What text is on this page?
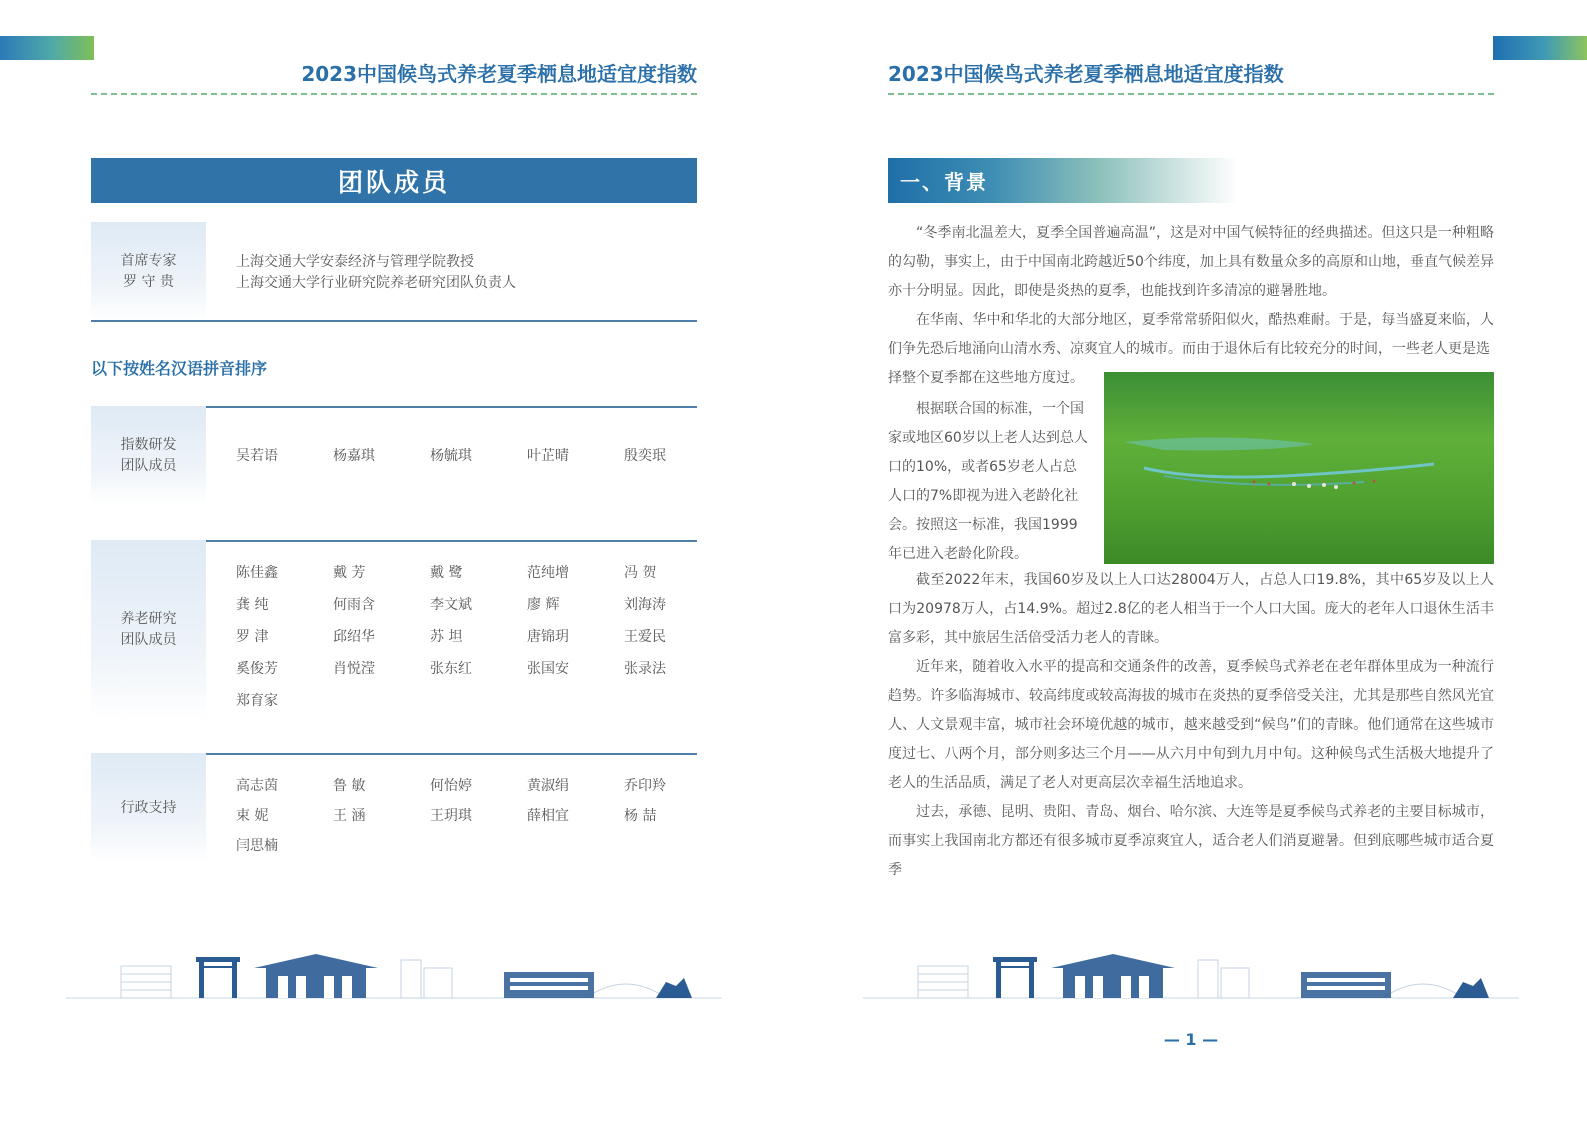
2023中国候鸟式养老夏季栖息地适宜度指数
团队成员
首席专家
罗 守 贵
上海交通大学安泰经济与管理学院教授
上海交通大学行业研究院养老研究团队负责人
以下按姓名汉语拼音排序
指数研发
团队成员
吴若语	杨嘉琪	杨毓琪	叶芷晴	殷奕珉
养老研究
团队成员
陈佳鑫	戴 芳	戴 鹭	范纯增	冯 贺
龚 纯	何雨含	李文斌	廖 辉	刘海涛
罗 津	邱绍华	苏 坦	唐锦玥	王爱民
奚俊芳	肖悦滢	张东红	张国安	张录法
郑育家
行政支持
高志茵	鲁 敏	何怡婷	黄淑绢	乔印羚
束 妮	王 涵	王玥琪	薛相宜	杨 喆
闫思楠
2023中国候鸟式养老夏季栖息地适宜度指数
一、背景

“冬季南北温差大，夏季全国普遍高温”，这是对中国气候特征的经典描述。但这只是一种粗略的勾勒，事实上，由于中国南北跨越近50个纬度，加上具有数量众多的高原和山地，垂直气候差异亦十分明显。因此，即使是炎热的夏季，也能找到许多清凉的避暑胜地。

在华南、华中和华北的大部分地区，夏季常常骄阳似火，酷热难耐。于是，每当盛夏来临，人们争先恐后地涌向山清水秀、凉爽宜人的城市。而由于退休后有比较充分的时间，一些老人更是选

择整个夏季都在这些地方度过。

根据联合国的标准，一个国家或地区60岁以上老人达到总人口的10%，或者65岁老人占总人口的7%即视为进入老龄化社会。按照这一标准，我国1999年已进入老龄化阶段。

截至2022年末，我国60岁及以上人口达28004万人，占总人口19.8%，其中65岁及以上人口为20978万人，占14.9%。超过2.8亿的老人相当于一个人口大国。庞大的老年人口退休生活丰富多彩，其中旅居生活倍受活力老人的青睐。

近年来，随着收入水平的提高和交通条件的改善，夏季候鸟式养老在老年群体里成为一种流行趋势。许多临海城市、较高纬度或较高海拔的城市在炎热的夏季倍受关注，尤其是那些自然风光宜人、人文景观丰富，城市社会环境优越的城市，越来越受到“候鸟”们的青睐。他们通常在这些城市度过七、八两个月，部分则多达三个月——从六月中旬到九月中旬。这种候鸟式生活极大地提升了老人的生活品质，满足了老人对更高层次幸福生活地追求。

过去，承德、昆明、贵阳、青岛、烟台、哈尔滨、大连等是夏季候鸟式养老的主要目标城市，而事实上我国南北方都还有很多城市夏季凉爽宜人，适合老人们消夏避暑。但到底哪些城市适合夏季

— 1 —
